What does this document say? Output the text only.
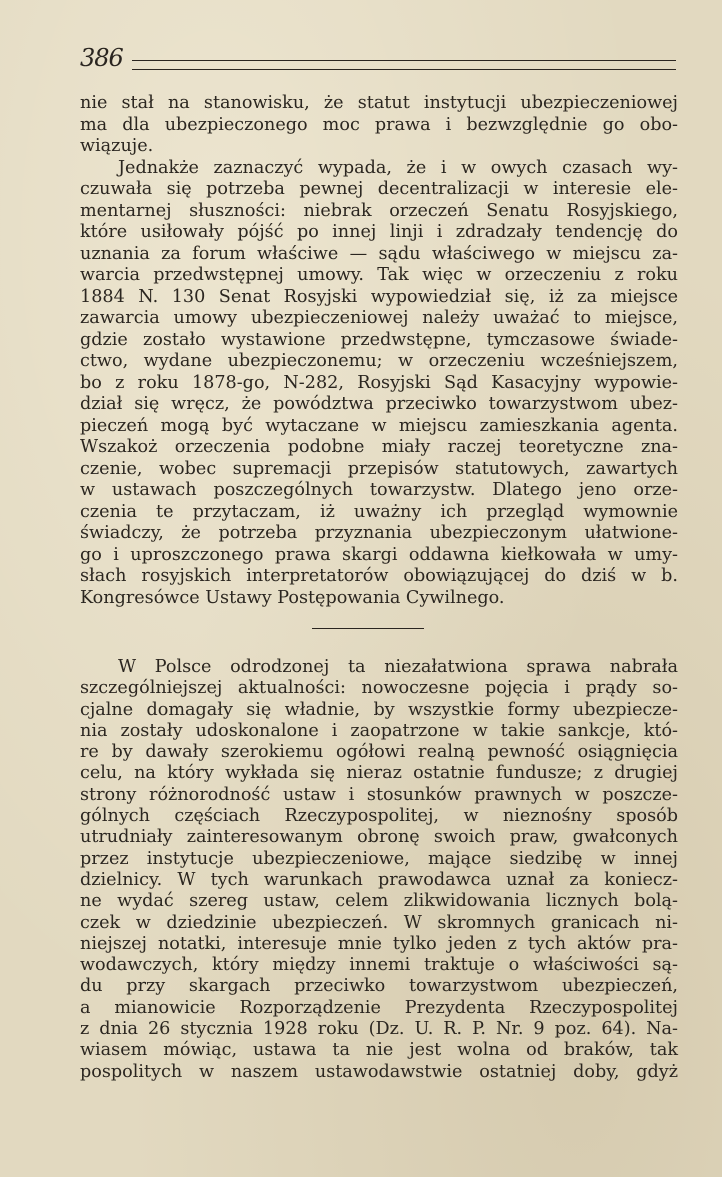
386
nie stał na stanowisku, że statut instytucji ubezpieczeniowej
ma dla ubezpieczonego moc prawa i bezwzględnie go obo-
wiązuje.
Jednakże zaznaczyć wypada, że i w owych czasach wy-
czuwała się potrzeba pewnej decentralizacji w interesie ele-
mentarnej słuszności: niebrak orzeczeń Senatu Rosyjskiego,
które usiłowały pójść po innej linji i zdradzały tendencję do
uznania za forum właściwe — sądu właściwego w miejscu za-
warcia przedwstępnej umowy. Tak więc w orzeczeniu z roku
1884 N. 130 Senat Rosyjski wypowiedział się, iż za miejsce
zawarcia umowy ubezpieczeniowej należy uważać to miejsce,
gdzie zostało wystawione przedwstępne, tymczasowe świade-
ctwo, wydane ubezpieczonemu; w orzeczeniu wcześniejszem,
bo z roku 1878-go, N-282, Rosyjski Sąd Kasacyjny wypowie-
dział się wręcz, że powództwa przeciwko towarzystwom ubez-
pieczeń mogą być wytaczane w miejscu zamieszkania agenta.
Wszakoż orzeczenia podobne miały raczej teoretyczne zna-
czenie, wobec supremacji przepisów statutowych, zawartych
w ustawach poszczególnych towarzystw. Dlatego jeno orze-
czenia te przytaczam, iż uważny ich przegląd wymownie
świadczy, że potrzeba przyznania ubezpieczonym ułatwione-
go i uproszczonego prawa skargi oddawna kiełkowała w umy-
słach rosyjskich interpretatorów obowiązującej do dziś w b.
Kongresówce Ustawy Postępowania Cywilnego.
W Polsce odrodzonej ta niezałatwiona sprawa nabrała
szczególniejszej aktualności: nowoczesne pojęcia i prądy so-
cjalne domagały się władnie, by wszystkie formy ubezpiecze-
nia zostały udoskonalone i zaopatrzone w takie sankcje, któ-
re by dawały szerokiemu ogółowi realną pewność osiągnięcia
celu, na który wykłada się nieraz ostatnie fundusze; z drugiej
strony różnorodność ustaw i stosunków prawnych w poszcze-
gólnych częściach Rzeczypospolitej, w nieznośny sposób
utrudniały zainteresowanym obronę swoich praw, gwałconych
przez instytucje ubezpieczeniowe, mające siedzibę w innej
dzielnicy. W tych warunkach prawodawca uznał za koniecz-
ne wydać szereg ustaw, celem zlikwidowania licznych bolą-
czek w dziedzinie ubezpieczeń. W skromnych granicach ni-
niejszej notatki, interesuje mnie tylko jeden z tych aktów pra-
wodawczych, który między innemi traktuje o właściwości są-
du przy skargach przeciwko towarzystwom ubezpieczeń,
a mianowicie Rozporządzenie Prezydenta Rzeczypospolitej
z dnia 26 stycznia 1928 roku (Dz. U. R. P. Nr. 9 poz. 64). Na-
wiasem mówiąc, ustawa ta nie jest wolna od braków, tak
pospolitych w naszem ustawodawstwie ostatniej doby, gdyż
